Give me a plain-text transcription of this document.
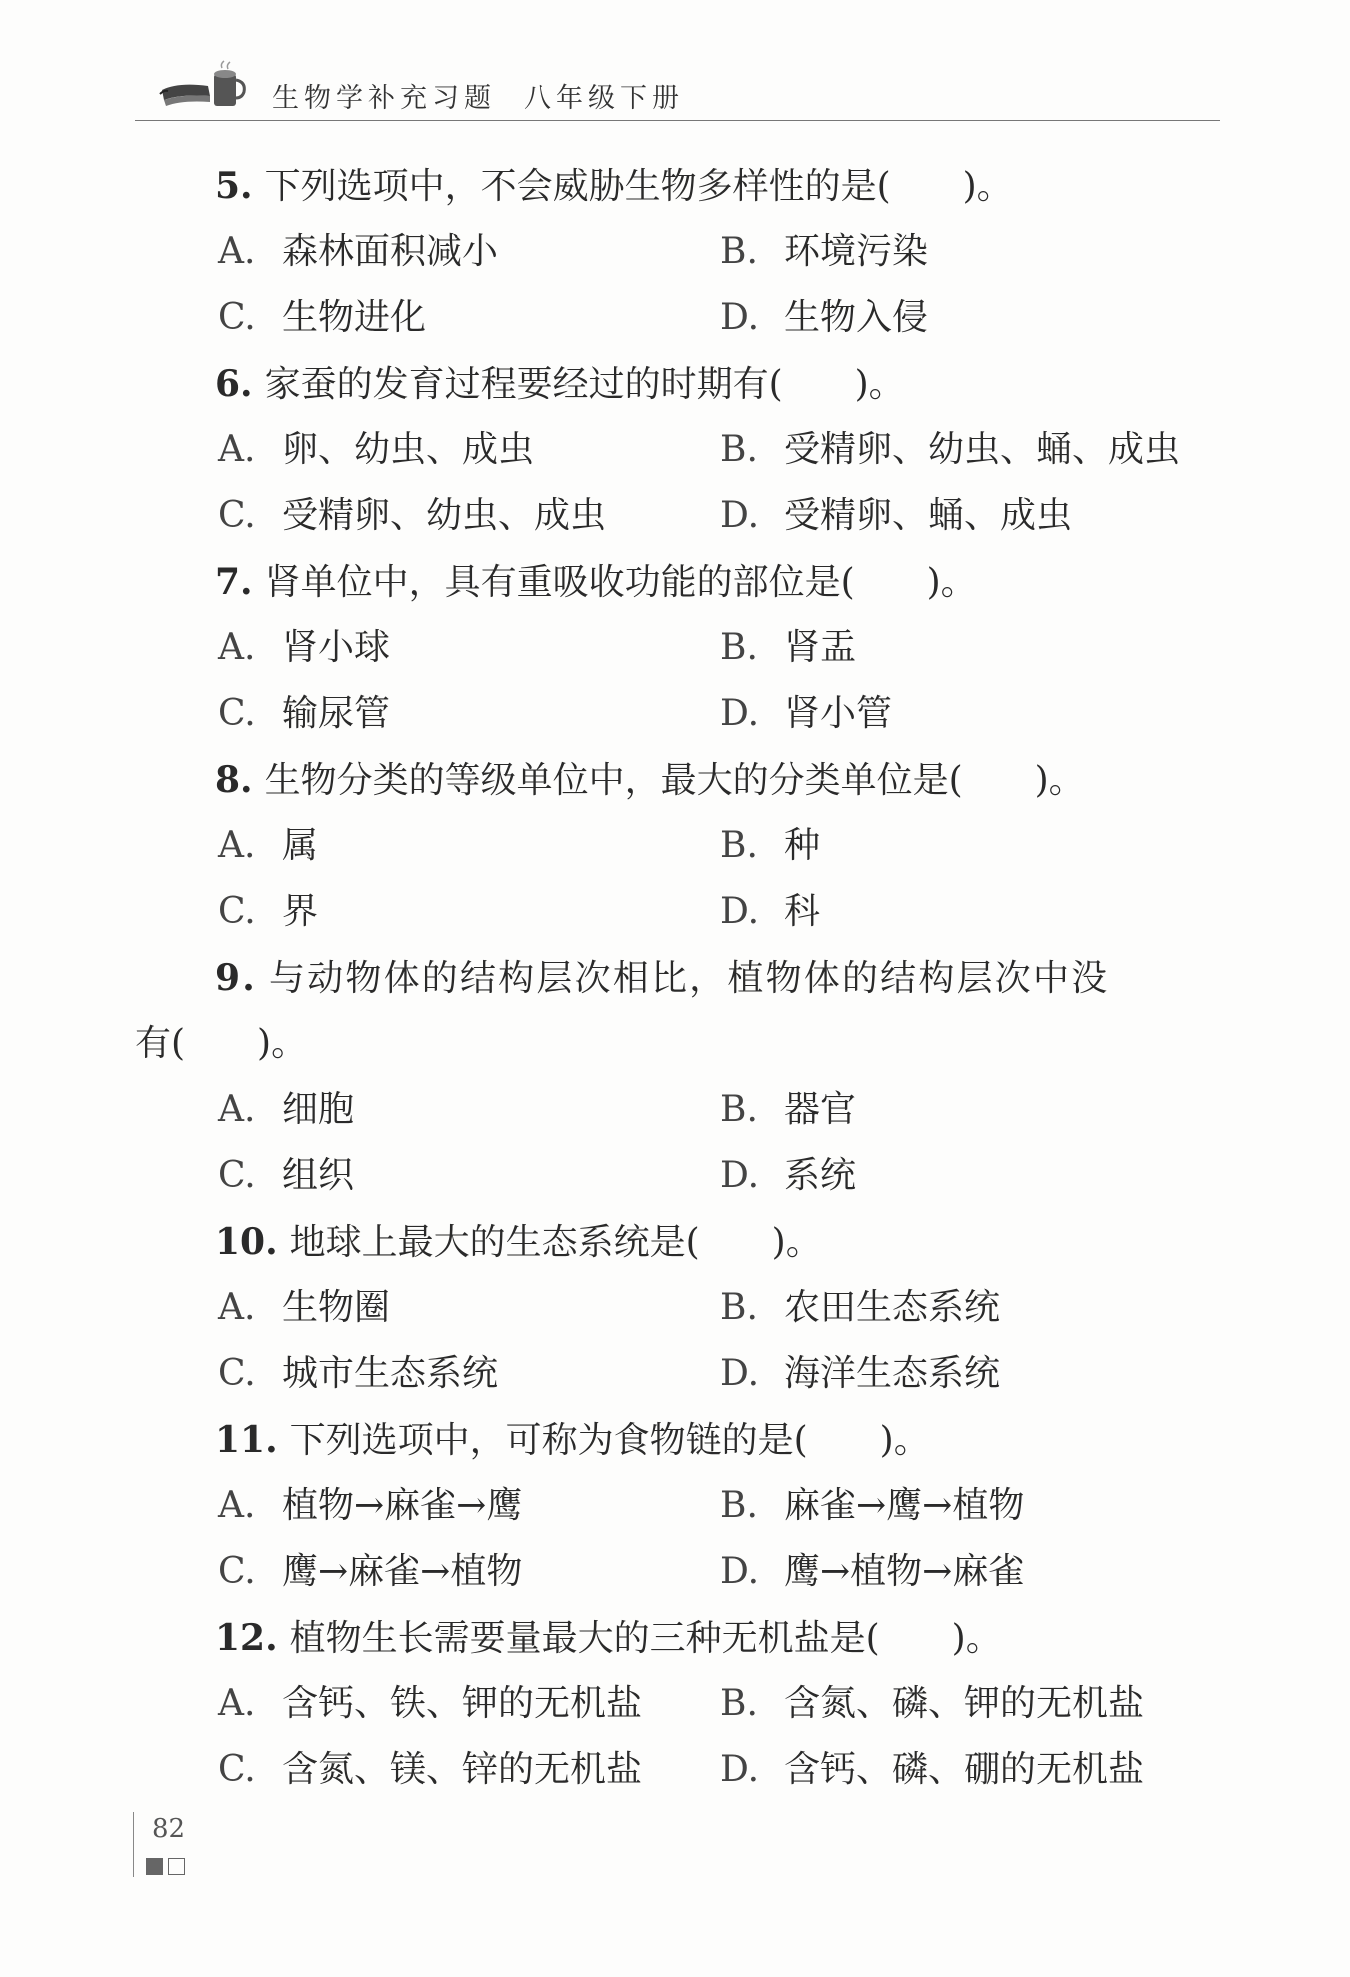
生物学补充习题 八年级下册
5. 下列选项中，不会威胁生物多样性的是(　　)。
A. 森林面积减小	B. 环境污染
C. 生物进化	D. 生物入侵
6. 家蚕的发育过程要经过的时期有(　　)。
A. 卵、幼虫、成虫	B. 受精卵、幼虫、蛹、成虫
C. 受精卵、幼虫、成虫	D. 受精卵、蛹、成虫
7. 肾单位中，具有重吸收功能的部位是(　　)。
A. 肾小球	B. 肾盂
C. 输尿管	D. 肾小管
8. 生物分类的等级单位中，最大的分类单位是(　　)。
A. 属	B. 种
C. 界	D. 科
9. 与动物体的结构层次相比，植物体的结构层次中没
有(　　)。
A. 细胞	B. 器官
C. 组织	D. 系统
10. 地球上最大的生态系统是(　　)。
A. 生物圈	B. 农田生态系统
C. 城市生态系统	D. 海洋生态系统
11. 下列选项中，可称为食物链的是(　　)。
A. 植物→麻雀→鹰	B. 麻雀→鹰→植物
C. 鹰→麻雀→植物	D. 鹰→植物→麻雀
12. 植物生长需要量最大的三种无机盐是(　　)。
A. 含钙、铁、钾的无机盐 B. 含氮、磷、钾的无机盐
C. 含氮、镁、锌的无机盐 D. 含钙、磷、硼的无机盐
82
